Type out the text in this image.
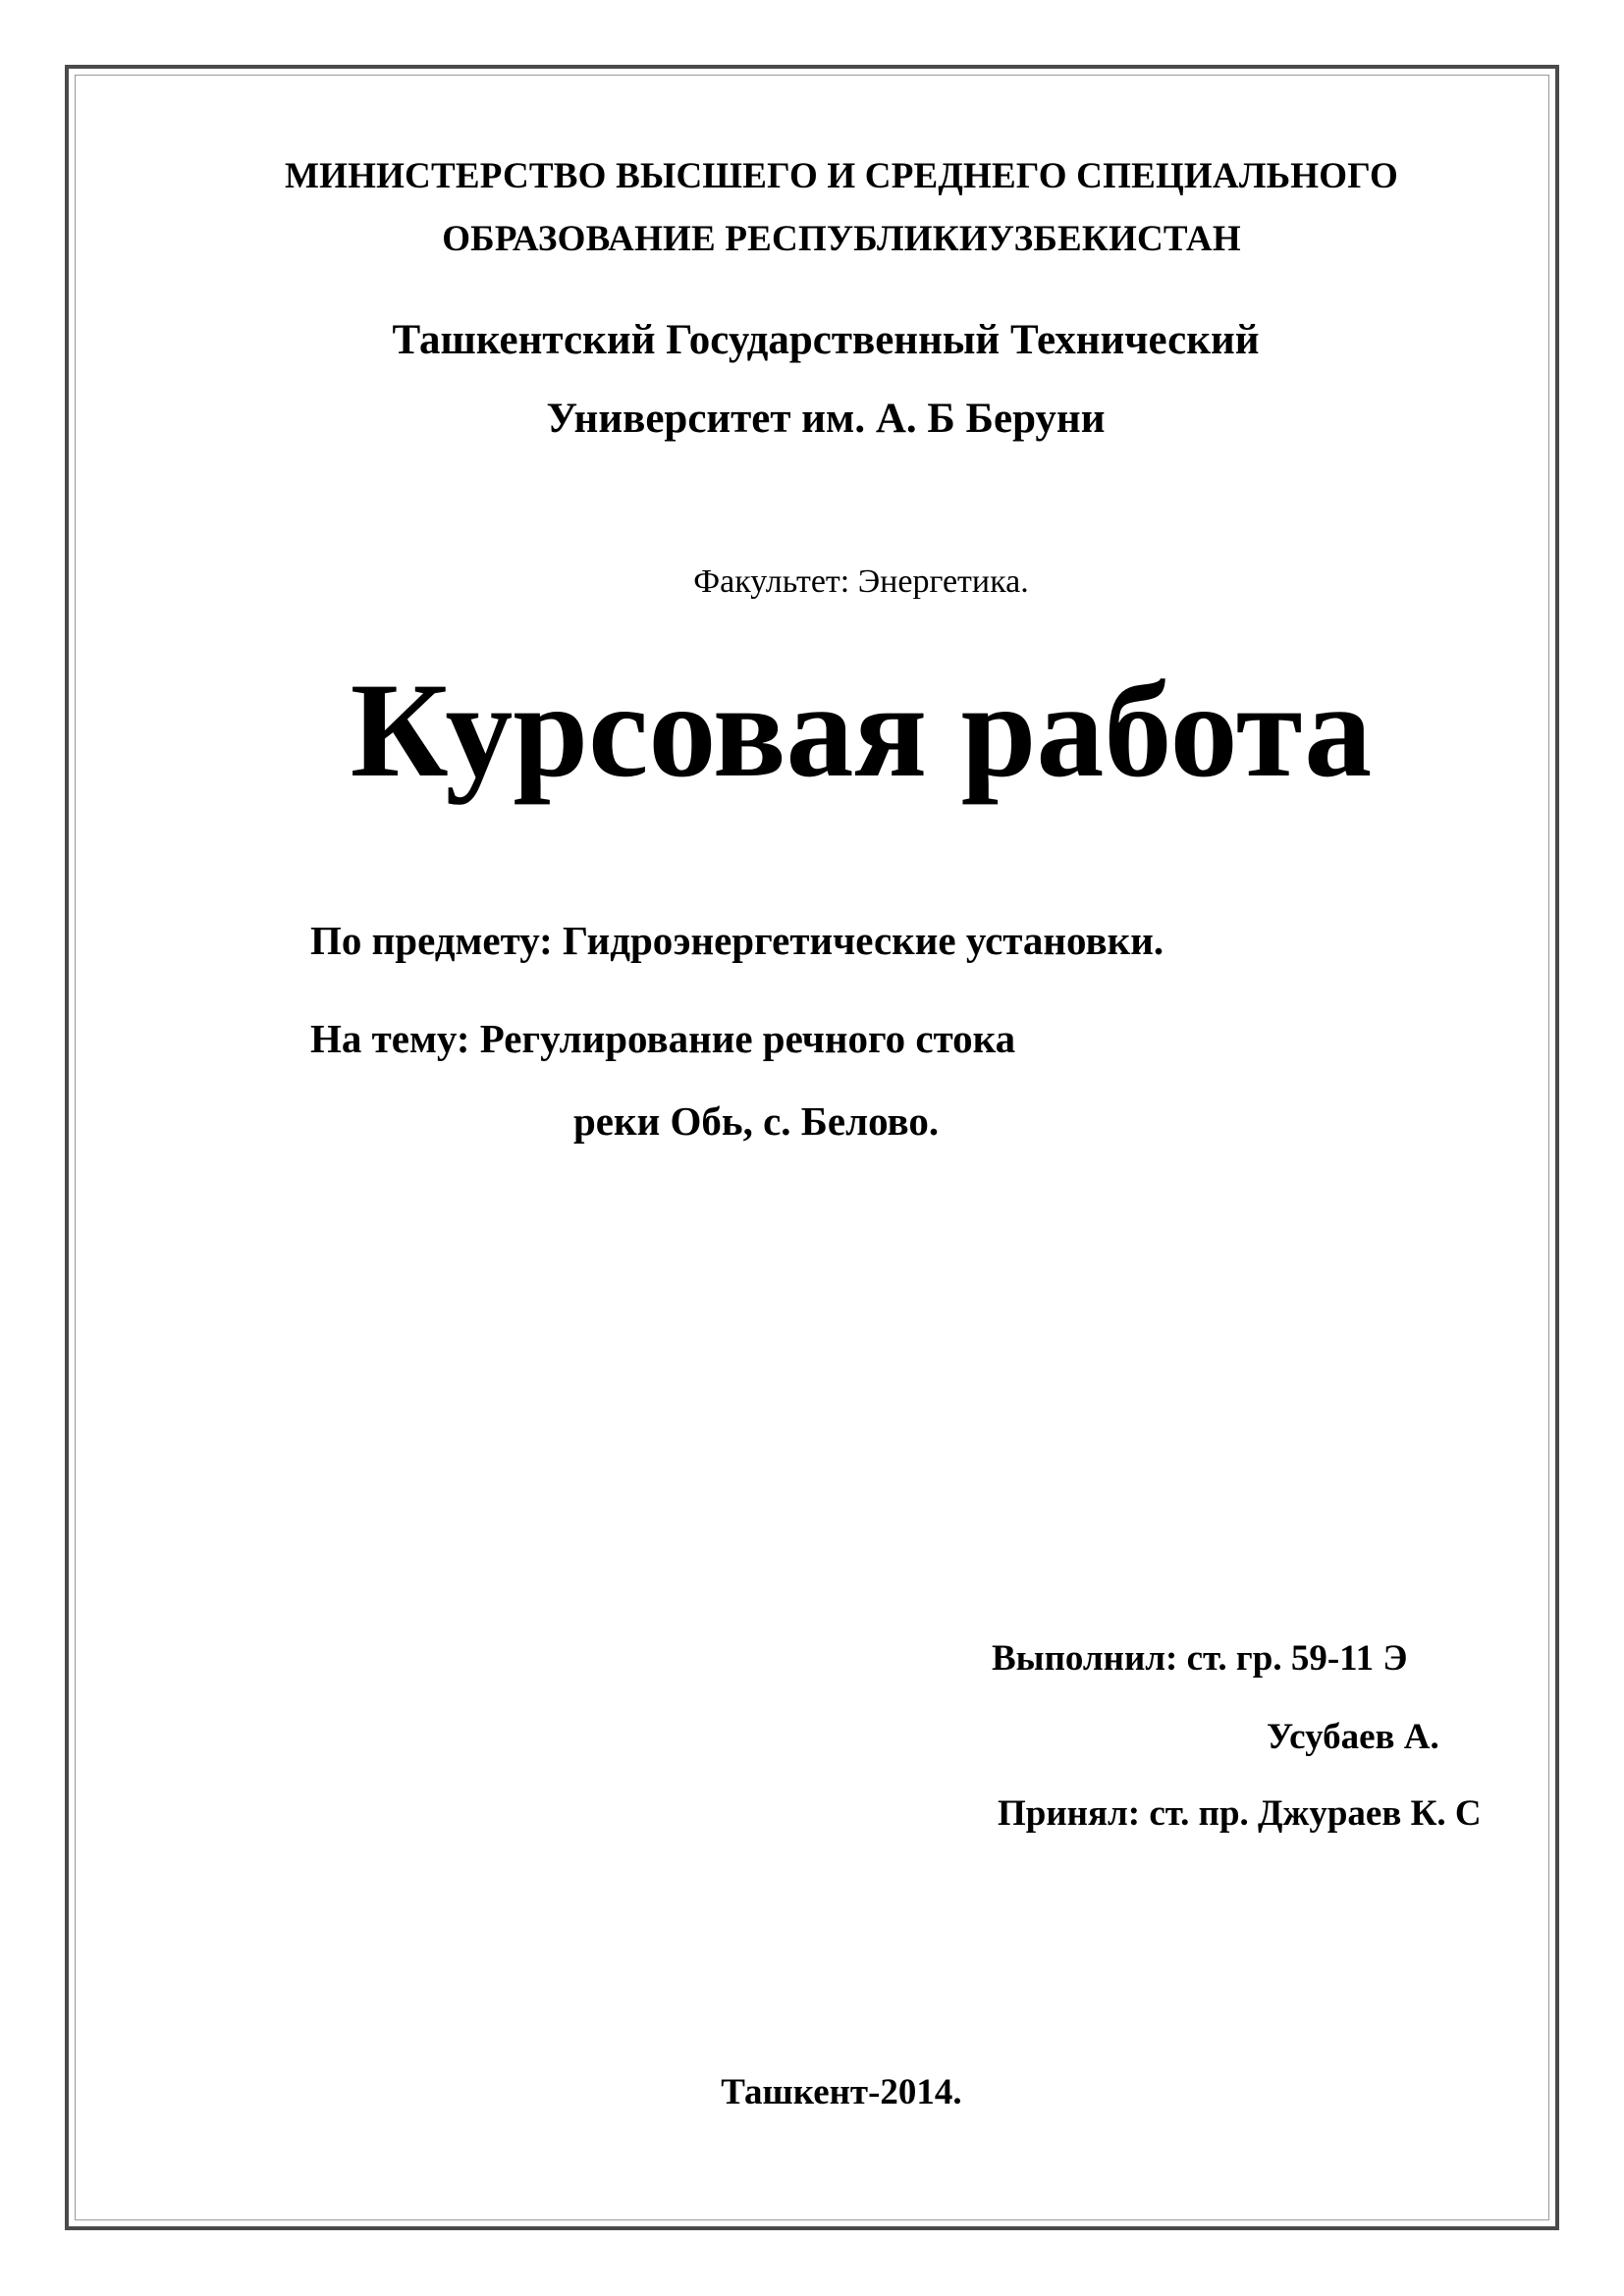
МИНИСТЕРСТВО ВЫСШЕГО И СРЕДНЕГО СПЕЦИАЛЬНОГО
ОБРАЗОВАНИЕ РЕСПУБЛИКИУЗБЕКИСТАН
Ташкентский Государственный Технический
Университет им. А. Б Беруни
Факультет: Энергетика.
Курсовая работа
По предмету: Гидроэнергетические установки.
На тему: Регулирование речного стока
реки Обь, с. Белово.
Выполнил: ст. гр. 59-11 Э
Усубаев А.
Принял: ст. пр. Джураев К. С
Ташкент-2014.
